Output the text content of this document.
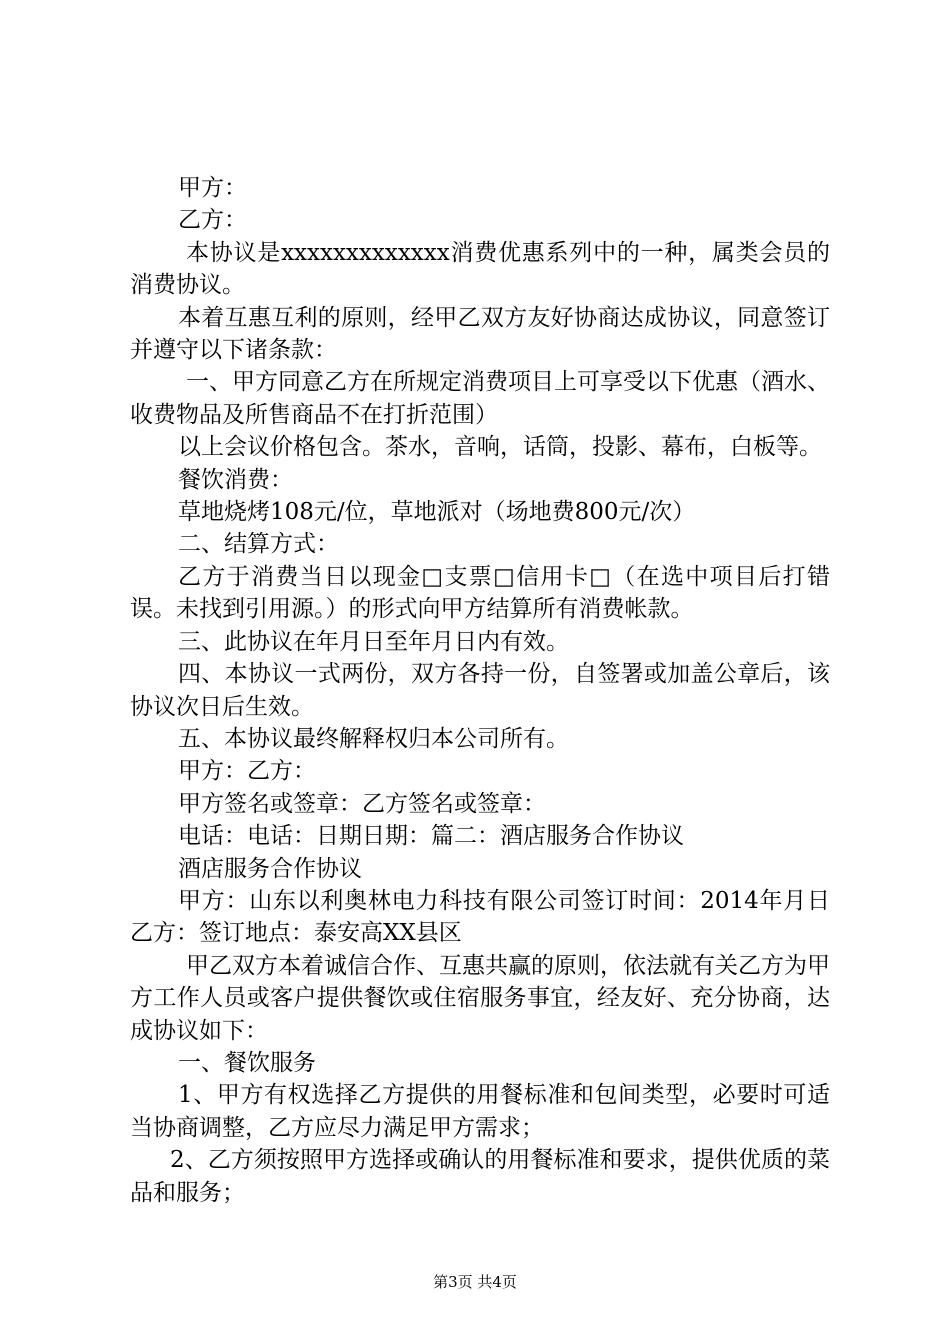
甲方：

乙方：

本协议是xxxxxxxxxxxxx消费优惠系列中的一种，属类会员的消费协议。

本着互惠互利的原则，经甲乙双方友好协商达成协议，同意签订并遵守以下诸条款：

一、甲方同意乙方在所规定消费项目上可享受以下优惠（酒水、收费物品及所售商品不在打折范围）

以上会议价格包含。茶水，音响，话筒，投影、幕布，白板等。

餐饮消费：

草地烧烤108元/位，草地派对（场地费800元/次）

二、结算方式：

乙方于消费当日以现金□支票□信用卡□（在选中项目后打错误。未找到引用源。）的形式向甲方结算所有消费帐款。

三、此协议在年月日至年月日内有效。

四、本协议一式两份，双方各持一份，自签署或加盖公章后，该协议次日后生效。

五、本协议最终解释权归本公司所有。

甲方：乙方：

甲方签名或签章：乙方签名或签章：

电话：电话：日期日期：篇二：酒店服务合作协议

酒店服务合作协议

甲方：山东以利奥林电力科技有限公司签订时间：2014年月日乙方：签订地点：泰安高XX县区

甲乙双方本着诚信合作、互惠共赢的原则，依法就有关乙方为甲方工作人员或客户提供餐饮或住宿服务事宜，经友好、充分协商，达成协议如下：

一、餐饮服务

1、甲方有权选择乙方提供的用餐标准和包间类型，必要时可适当协商调整，乙方应尽力满足甲方需求；

2、乙方须按照甲方选择或确认的用餐标准和要求，提供优质的菜品和服务；

第3页 共4页
